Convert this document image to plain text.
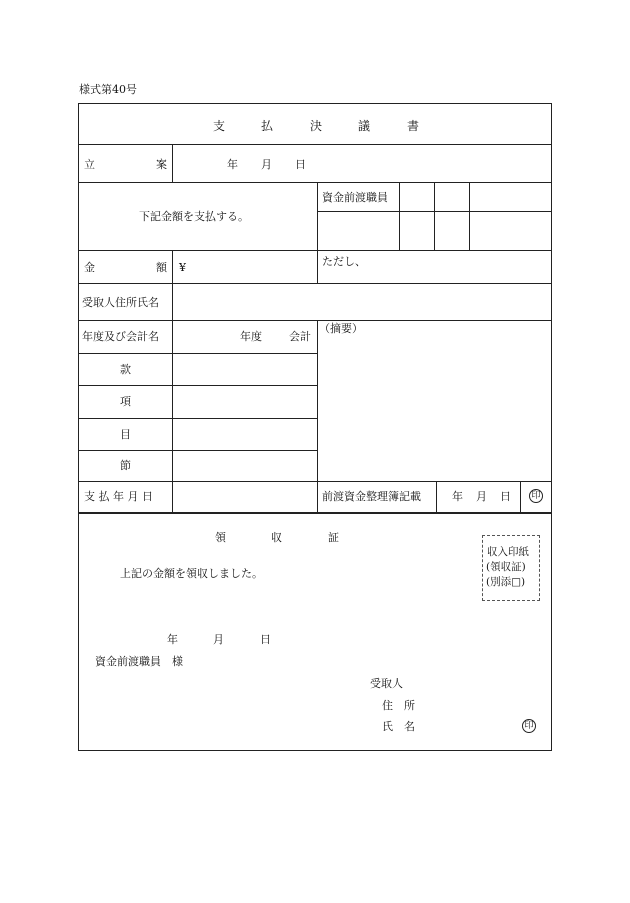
様式第40号
支	払	決	議	書
立	案	年 月 日
下記金額を支払する。
資金前渡職員
金	額 ¥	ただし、
受取人住所氏名
年度及び会計名	年度 会計
（摘要）
款
項
目
節
支 払 年 月 日	前渡資金整理簿記載	年 月 日 印
領	収	証
上記の金額を領収しました。
年	月	日
資金前渡職員　様
受取人
住　所
氏　名	印
収入印紙
(領収証)
(別添□)
